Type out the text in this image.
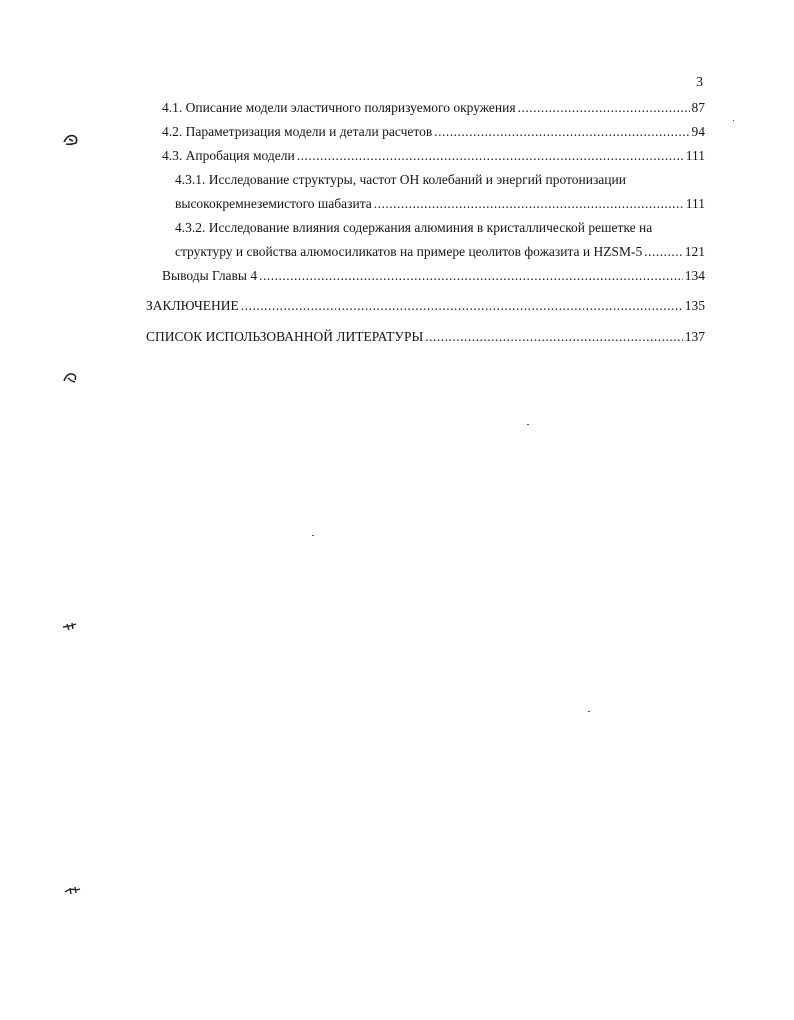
3
4.1. Описание модели эластичного поляризуемого окружения .....	87
4.2. Параметризация модели и детали расчетов .....	94
4.3. Апробация модели .....	111
4.3.1. Исследование структуры, частот ОН колебаний и энергий протонизации
высококремнеземистого шабазита .....	111
4.3.2. Исследование влияния содержания алюминия в кристаллической решетке на
структуру и свойства алюмосиликатов на примере цеолитов фожазита и HZSM-5 .....	121
Выводы Главы 4 .....	134
ЗАКЛЮЧЕНИЕ .....	135
СПИСОК ИСПОЛЬЗОВАННОЙ ЛИТЕРАТУРЫ .....	137
